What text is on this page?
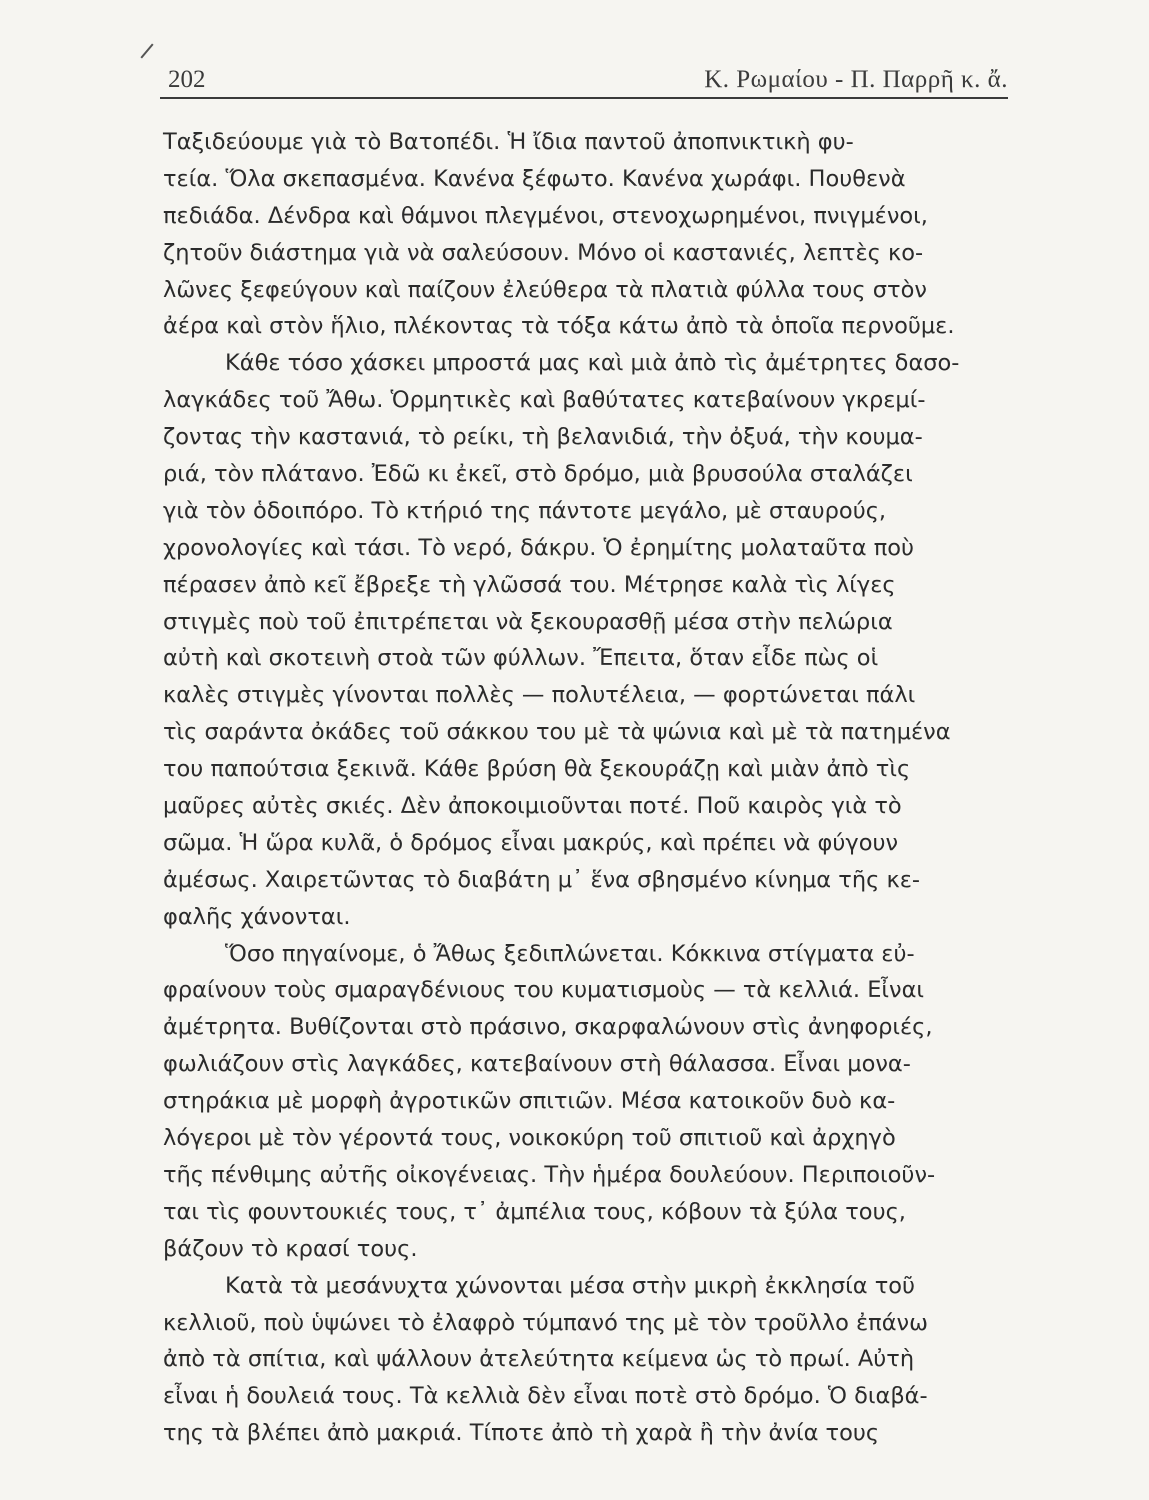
202	Κ. Ρωμαίου - Π. Παρρῆ κ. ἄ.
Ταξιδεύουμε γιὰ τὸ Βατοπέδι. Ἡ ἴδια παντοῦ ἀποπνικτικὴ φυ-
τεία. Ὅλα σκεπασμένα. Κανένα ξέφωτο. Κανένα χωράφι. Πουθενὰ
πεδιάδα. Δένδρα καὶ θάμνοι πλεγμένοι, στενοχωρημένοι, πνιγμένοι,
ζητοῦν διάστημα γιὰ νὰ σαλεύσουν. Μόνο οἱ καστανιές, λεπτὲς κο-
λῶνες ξεφεύγουν καὶ παίζουν ἐλεύθερα τὰ πλατιὰ φύλλα τους στὸν
ἀέρα καὶ στὸν ἥλιο, πλέκοντας τὰ τόξα κάτω ἀπὸ τὰ ὁποῖα περνοῦμε.
Κάθε τόσο χάσκει μπροστά μας καὶ μιὰ ἀπὸ τὶς ἀμέτρητες δασο-
λαγκάδες τοῦ Ἄθω. Ὁρμητικὲς καὶ βαθύτατες κατεβαίνουν γκρεμί-
ζοντας τὴν καστανιά, τὸ ρείκι, τὴ βελανιδιά, τὴν ὀξυά, τὴν κουμα-
ριά, τὸν πλάτανο. Ἐδῶ κι ἐκεῖ, στὸ δρόμο, μιὰ βρυσούλα σταλάζει
γιὰ τὸν ὁδοιπόρο. Τὸ κτήριό της πάντοτε μεγάλο, μὲ σταυρούς,
χρονολογίες καὶ τάσι. Τὸ νερό, δάκρυ. Ὁ ἐρημίτης μολαταῦτα ποὺ
πέρασεν ἀπὸ κεῖ ἔβρεξε τὴ γλῶσσά του. Μέτρησε καλὰ τὶς λίγες
στιγμὲς ποὺ τοῦ ἐπιτρέπεται νὰ ξεκουρασθῇ μέσα στὴν πελώρια
αὐτὴ καὶ σκοτεινὴ στοὰ τῶν φύλλων. Ἔπειτα, ὅταν εἶδε πὼς οἱ
καλὲς στιγμὲς γίνονται πολλὲς — πολυτέλεια, — φορτώνεται πάλι
τὶς σαράντα ὀκάδες τοῦ σάκκου του μὲ τὰ ψώνια καὶ μὲ τὰ πατημένα
του παπούτσια ξεκινᾶ. Κάθε βρύση θὰ ξεκουράζῃ καὶ μιὰν ἀπὸ τὶς
μαῦρες αὐτὲς σκιές. Δὲν ἀποκοιμιοῦνται ποτέ. Ποῦ καιρὸς γιὰ τὸ
σῶμα. Ἡ ὥρα κυλᾶ, ὁ δρόμος εἶναι μακρύς, καὶ πρέπει νὰ φύγουν
ἀμέσως. Χαιρετῶντας τὸ διαβάτη μ᾿ ἕνα σβησμένο κίνημα τῆς κε-
φαλῆς χάνονται.
Ὅσο πηγαίνομε, ὁ Ἄθως ξεδιπλώνεται. Κόκκινα στίγματα εὐ-
φραίνουν τοὺς σμαραγδένιους του κυματισμοὺς — τὰ κελλιά. Εἶναι
ἀμέτρητα. Βυθίζονται στὸ πράσινο, σκαρφαλώνουν στὶς ἀνηφοριές,
φωλιάζουν στὶς λαγκάδες, κατεβαίνουν στὴ θάλασσα. Εἶναι μονα-
στηράκια μὲ μορφὴ ἀγροτικῶν σπιτιῶν. Μέσα κατοικοῦν δυὸ κα-
λόγεροι μὲ τὸν γέροντά τους, νοικοκύρη τοῦ σπιτιοῦ καὶ ἀρχηγὸ
τῆς πένθιμης αὐτῆς οἰκογένειας. Τὴν ἡμέρα δουλεύουν. Περιποιοῦν-
ται τὶς φουντουκιές τους, τ᾿ ἀμπέλια τους, κόβουν τὰ ξύλα τους,
βάζουν τὸ κρασί τους.
Κατὰ τὰ μεσάνυχτα χώνονται μέσα στὴν μικρὴ ἐκκλησία τοῦ
κελλιοῦ, ποὺ ὑψώνει τὸ ἐλαφρὸ τύμπανό της μὲ τὸν τροῦλλο ἐπάνω
ἀπὸ τὰ σπίτια, καὶ ψάλλουν ἀτελεύτητα κείμενα ὡς τὸ πρωί. Αὐτὴ
εἶναι ἡ δουλειά τους. Τὰ κελλιὰ δὲν εἶναι ποτὲ στὸ δρόμο. Ὁ διαβά-
της τὰ βλέπει ἀπὸ μακριά. Τίποτε ἀπὸ τὴ χαρὰ ἢ τὴν ἀνία τους
